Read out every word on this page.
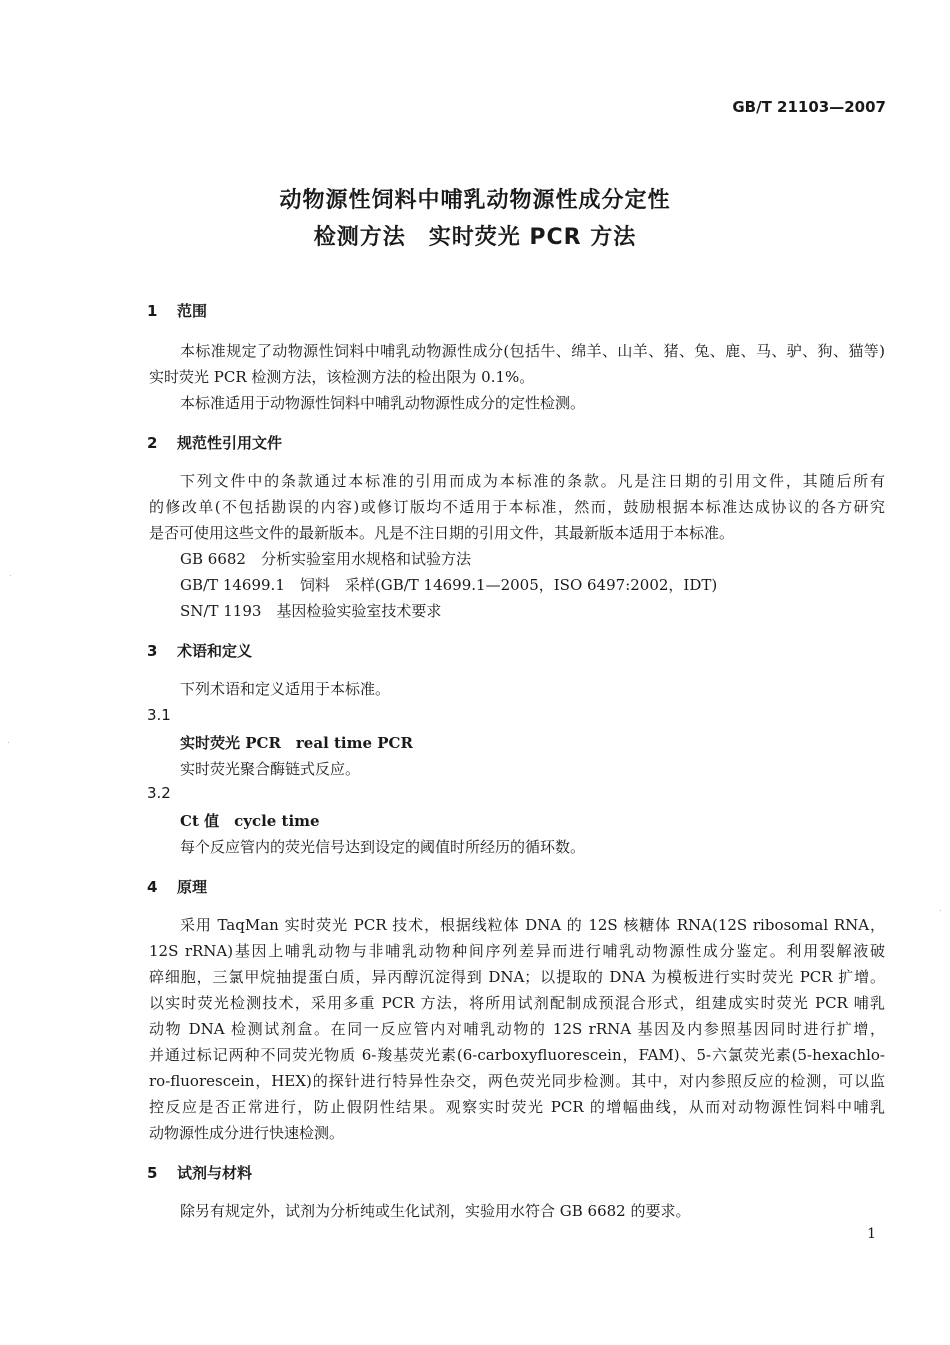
GB/T 21103—2007
动物源性饲料中哺乳动物源性成分定性
检测方法　实时荧光 PCR 方法
1 范围
本标准规定了动物源性饲料中哺乳动物源性成分(包括牛、绵羊、山羊、猪、兔、鹿、马、驴、狗、猫等)
实时荧光 PCR 检测方法，该检测方法的检出限为 0.1%。
本标准适用于动物源性饲料中哺乳动物源性成分的定性检测。
2 规范性引用文件
下列文件中的条款通过本标准的引用而成为本标准的条款。凡是注日期的引用文件，其随后所有
的修改单(不包括勘误的内容)或修订版均不适用于本标准，然而，鼓励根据本标准达成协议的各方研究
是否可使用这些文件的最新版本。凡是不注日期的引用文件，其最新版本适用于本标准。
GB 6682　分析实验室用水规格和试验方法
GB/T 14699.1　饲料　采样(GB/T 14699.1—2005，ISO 6497:2002，IDT)
SN/T 1193　基因检验实验室技术要求
3 术语和定义
下列术语和定义适用于本标准。
3.1
实时荧光 PCR　real time PCR
实时荧光聚合酶链式反应。
3.2
Ct 值　cycle time
每个反应管内的荧光信号达到设定的阈值时所经历的循环数。
4 原理
采用 TaqMan 实时荧光 PCR 技术，根据线粒体 DNA 的 12S 核糖体 RNA(12S ribosomal RNA，
12S rRNA)基因上哺乳动物与非哺乳动物种间序列差异而进行哺乳动物源性成分鉴定。利用裂解液破
碎细胞，三氯甲烷抽提蛋白质，异丙醇沉淀得到 DNA；以提取的 DNA 为模板进行实时荧光 PCR 扩增。
以实时荧光检测技术，采用多重 PCR 方法，将所用试剂配制成预混合形式，组建成实时荧光 PCR 哺乳
动物 DNA 检测试剂盒。在同一反应管内对哺乳动物的 12S rRNA 基因及内参照基因同时进行扩增，
并通过标记两种不同荧光物质 6-羧基荧光素(6-carboxyfluorescein，FAM)、5-六氯荧光素(5-hexachlo-
ro-fluorescein，HEX)的探针进行特异性杂交，两色荧光同步检测。其中，对内参照反应的检测，可以监
控反应是否正常进行，防止假阴性结果。观察实时荧光 PCR 的增幅曲线，从而对动物源性饲料中哺乳
动物源性成分进行快速检测。
5 试剂与材料
除另有规定外，试剂为分析纯或生化试剂，实验用水符合 GB 6682 的要求。
1
